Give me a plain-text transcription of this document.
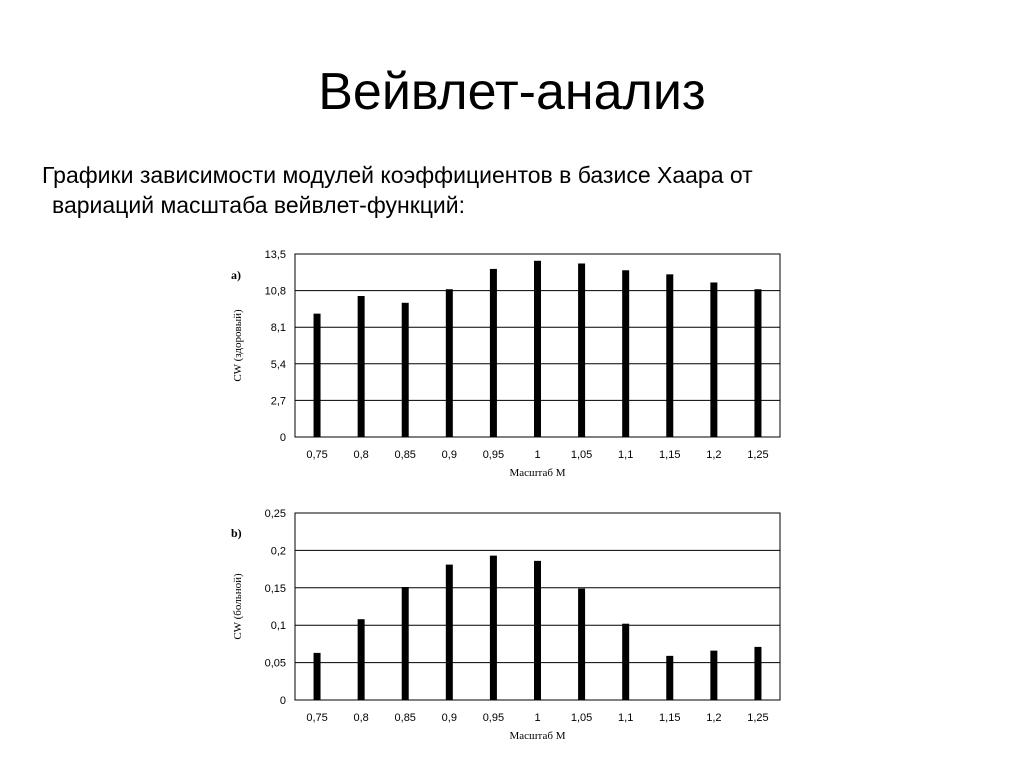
Вейвлет-анализ
Графики зависимости модулей коэффициентов в базисе Хаара от

вариаций масштаба вейвлет-функций:
0
2,7
5,4
8,1
10,8
13,5
0,75 0,8 0,85 0,9 0,95	1	1,05 1,1 1,15 1,2 1,25
Масштаб М
CW (здоровый)
a)
0
0,05
0,1
0,15
0,2
0,25
0,75 0,8 0,85 0,9 0,95	1	1,05 1,1 1,15 1,2 1,25
Масштаб М
CW (больной)
b)
